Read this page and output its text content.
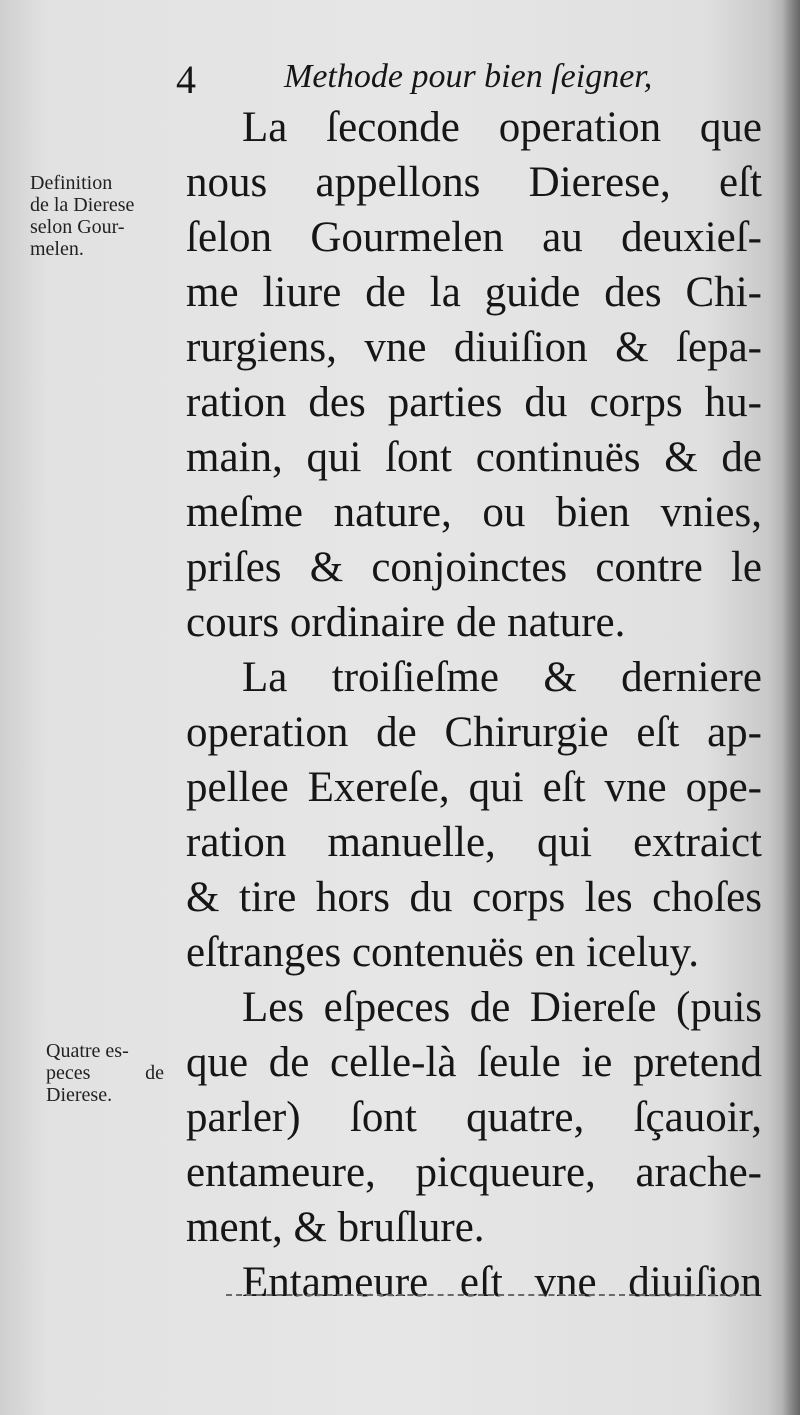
4	Methode pour bien ſeigner,
Definition
de la Dierese
selon Gour-
melen.
Quatre es-
peces de
Dierese.
La ſeconde operation que
nous appellons Dierese, eſt
ſelon Gourmelen au deuxieſ-
me liure de la guide des Chi-
rurgiens, vne diuiſion & ſepa-
ration des parties du corps hu-
main, qui ſont continuës & de
meſme nature, ou bien vnies,
priſes & conjoinctes contre le
cours ordinaire de nature.
La troiſieſme & derniere
operation de Chirurgie eſt ap-
pellee Exereſe, qui eſt vne ope-
ration manuelle, qui extraict
& tire hors du corps les choſes
eſtranges contenuës en iceluy.
Les eſpeces de Diereſe (puis
que de celle-là ſeule ie pretend
parler) ſont quatre, ſçauoir,
entameure, picqueure, arache-
ment, & bruſlure.
Entameure eſt vne diuiſion
